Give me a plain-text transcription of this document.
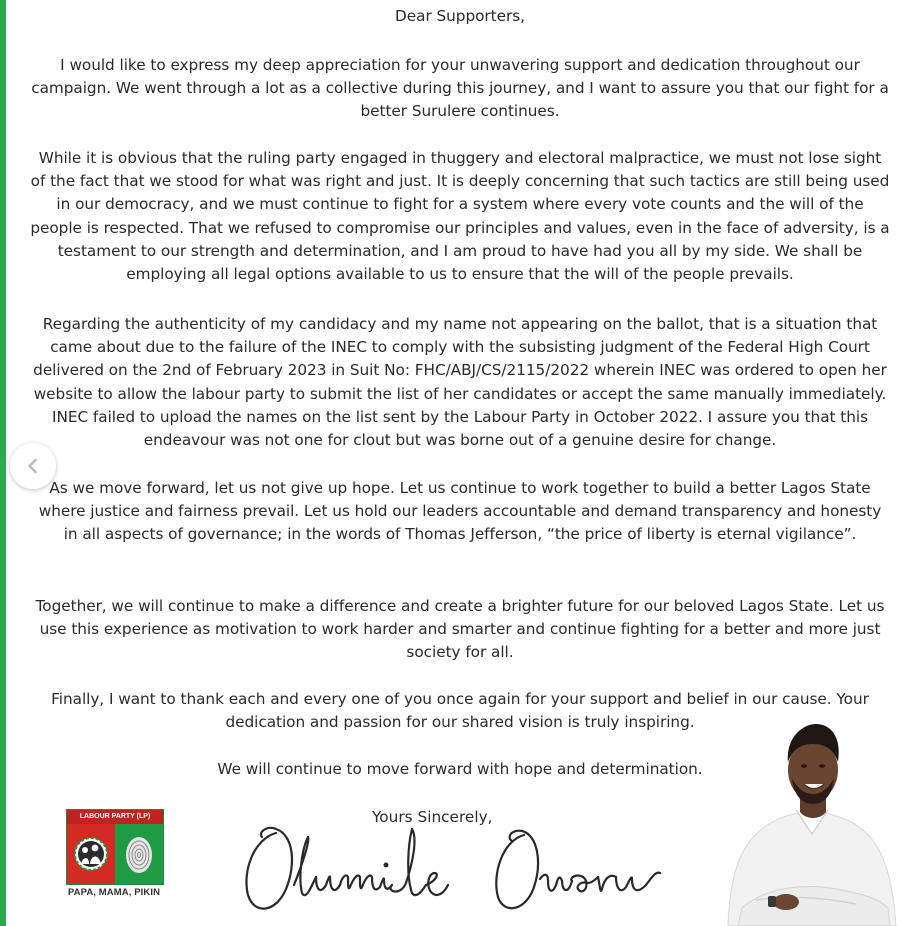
Dear Supporters,

I would like to express my deep appreciation for your unwavering support and dedication throughout our campaign. We went through a lot as a collective during this journey, and I want to assure you that our fight for a better Surulere continues.

While it is obvious that the ruling party engaged in thuggery and electoral malpractice, we must not lose sight of the fact that we stood for what was right and just. It is deeply concerning that such tactics are still being used in our democracy, and we must continue to fight for a system where every vote counts and the will of the people is respected. That we refused to compromise our principles and values, even in the face of adversity, is a testament to our strength and determination, and I am proud to have had you all by my side. We shall be employing all legal options available to us to ensure that the will of the people prevails.

Regarding the authenticity of my candidacy and my name not appearing on the ballot, that is a situation that came about due to the failure of the INEC to comply with the subsisting judgment of the Federal High Court delivered on the 2nd of February 2023 in Suit No: FHC/ABJ/CS/2115/2022 wherein INEC was ordered to open her website to allow the labour party to submit the list of her candidates or accept the same manually immediately. INEC failed to upload the names on the list sent by the Labour Party in October 2022. I assure you that this endeavour was not one for clout but was borne out of a genuine desire for change.

As we move forward, let us not give up hope. Let us continue to work together to build a better Lagos State where justice and fairness prevail. Let us hold our leaders accountable and demand transparency and honesty in all aspects of governance; in the words of Thomas Jefferson, “the price of liberty is eternal vigilance”.

Together, we will continue to make a difference and create a brighter future for our beloved Lagos State. Let us use this experience as motivation to work harder and smarter and continue fighting for a better and more just society for all.

Finally, I want to thank each and every one of you once again for your support and belief in our cause. Your dedication and passion for our shared vision is truly inspiring.

We will continue to move forward with hope and determination.

Yours Sincerely,
LABOUR PARTY (LP)
PAPA, MAMA, PIKIN
